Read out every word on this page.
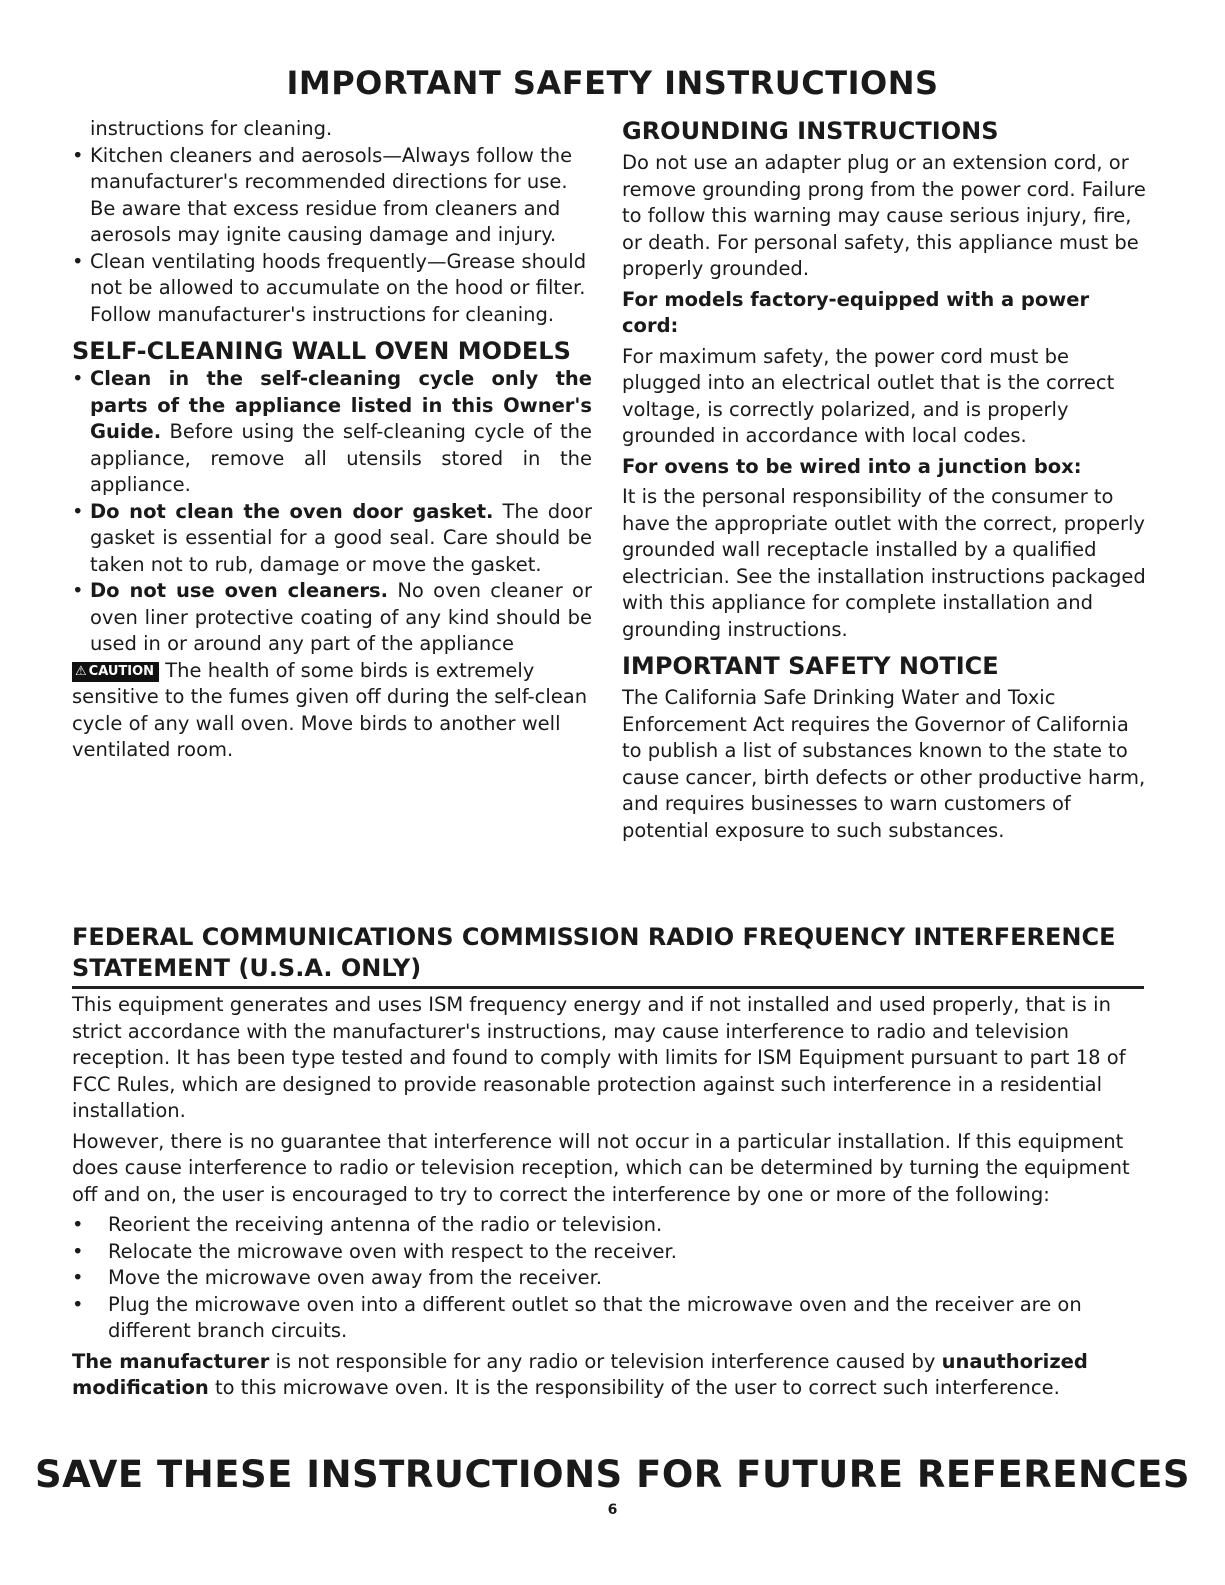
IMPORTANT SAFETY INSTRUCTIONS

instructions for cleaning.

• Kitchen cleaners and aerosols—Always follow the manufacturer's recommended directions for use. Be aware that excess residue from cleaners and aerosols may ignite causing damage and injury.
• Clean ventilating hoods frequently—Grease should not be allowed to accumulate on the hood or filter. Follow manufacturer's instructions for cleaning.
SELF-CLEANING WALL OVEN MODELS
• Clean in the self-cleaning cycle only the parts of the appliance listed in this Owner's Guide. Before using the self-cleaning cycle of the appliance, remove all utensils stored in the appliance.
• Do not clean the oven door gasket. The door gasket is essential for a good seal. Care should be taken not to rub, damage or move the gasket.
• Do not use oven cleaners. No oven cleaner or oven liner protective coating of any kind should be used in or around any part of the appliance

⚠ CAUTION The health of some birds is extremely sensitive to the fumes given off during the self-clean cycle of any wall oven. Move birds to another well ventilated room.

GROUNDING INSTRUCTIONS

Do not use an adapter plug or an extension cord, or remove grounding prong from the power cord. Failure to follow this warning may cause serious injury, fire, or death. For personal safety, this appliance must be properly grounded.

For models factory-equipped with a power cord:

For maximum safety, the power cord must be plugged into an electrical outlet that is the correct voltage, is correctly polarized, and is properly grounded in accordance with local codes.

For ovens to be wired into a junction box:

It is the personal responsibility of the consumer to have the appropriate outlet with the correct, properly grounded wall receptacle installed by a qualified electrician. See the installation instructions packaged with this appliance for complete installation and grounding instructions.

IMPORTANT SAFETY NOTICE

The California Safe Drinking Water and Toxic Enforcement Act requires the Governor of California to publish a list of substances known to the state to cause cancer, birth defects or other productive harm, and requires businesses to warn customers of potential exposure to such substances.

FEDERAL COMMUNICATIONS COMMISSION RADIO FREQUENCY INTERFERENCE STATEMENT (U.S.A. ONLY)

This equipment generates and uses ISM frequency energy and if not installed and used properly, that is in strict accordance with the manufacturer's instructions, may cause interference to radio and television reception. It has been type tested and found to comply with limits for ISM Equipment pursuant to part 18 of FCC Rules, which are designed to provide reasonable protection against such interference in a residential installation.

However, there is no guarantee that interference will not occur in a particular installation. If this equipment does cause interference to radio or television reception, which can be determined by turning the equipment off and on, the user is encouraged to try to correct the interference by one or more of the following:

• Reorient the receiving antenna of the radio or television.
• Relocate the microwave oven with respect to the receiver.
• Move the microwave oven away from the receiver.
• Plug the microwave oven into a different outlet so that the microwave oven and the receiver are on different branch circuits.

The manufacturer is not responsible for any radio or television interference caused by unauthorized modification to this microwave oven. It is the responsibility of the user to correct such interference.

SAVE THESE INSTRUCTIONS FOR FUTURE REFERENCES

6
